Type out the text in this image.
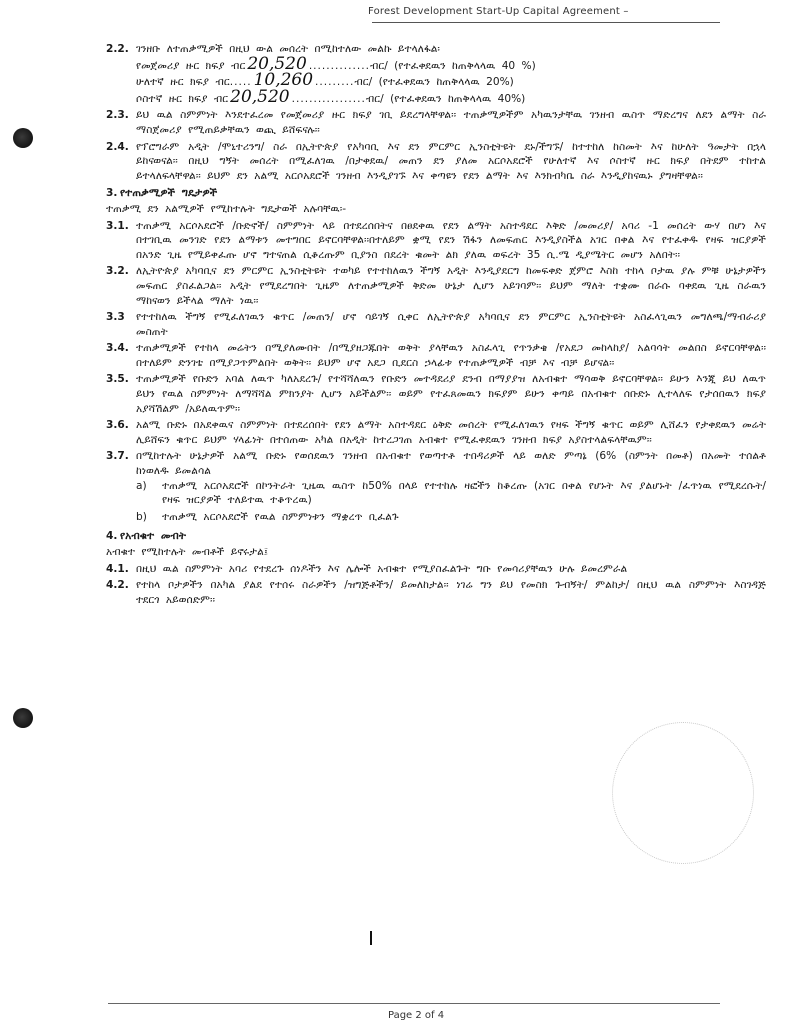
Forest Development Start-Up Capital Agreement –
2.2. ገንዘቡ ለተጠቃሚዎች በዚህ ውል መሰረት በሚከተለው መልኩ ይተላለፋል፡
የመጀመሪያ ዙር ክፍያ ብር 20,520 .............. ብር/ (የተፈቀደዉን ከጠቅላላዉ 40 %)
ሁለተኛ ዙር ክፍያ ብር ..... 10,260 ......... ብር/ (የተፈቀደዉን ከጠቅላላዉ 20%)
ሶስተኛ ዙር ክፍያ ብር 20,520 ................. ብር/ (የተፈቀደዉን ከጠቅላላዉ 40%)
2.3. ይህ ዉል ስምምነት እንደተፈረመ የመጀመሪያ ዙር ክፍያ ገቢ ይደረግላቸዋል፡፡ ተጠቃሚዎችም አካዉንታቸዉ ገንዘብ ዉስጥ ማድረግና ለደን ልማት ስራ ማስጀመሪያ የሚጠይቃቸዉን ወጪ ይሸፍናሉ፡፡
2.4. የፕሮግራም አዲት /ሞኒተሪንግ/ ስራ በኢትዮጵያ የአካባቢ እና ደን ምርምር ኢንስቲትዩት ደኑ/ችግኙ/ ከተተከለ ከስመት እና ከሁለት ዓመታት በኋላ ይከናወናል፡፡ በዚህ ግኝት መሰረት በሚፈለገዉ /በታቀደዉ/ መጠን ደን ያለመ አርሶአደሮች የሁለተኛ እና ሶስተኛ ዙር ክፍያ በትደም ተከተል ይተላለፍላቸዋል፡፡ ይህም ደን አልሚ አርሶአደሮች ገንዘብ እንዲያገኙ እና ቀጣዩን የደን ልማት እና እንክብካቤ ስራ እንዲያከናዉኑ ያግዛቸዋል፡፡
3. የተጠቃሚዎች ግዴታዎች
ተጠቃሚ ደን አልሚዎች የሚከተሉት ግዴታወች አሉባቸዉ፡-
3.1. ተጠቃሚ አርሶአደሮች /ቡድኖች/ ስምምነት ላይ በተደረሰበትና በፀደቀዉ የደን ልማት አስተዳደር እቅድ /መመሪያ/ አባሪ -1 መሰረት ውሃ በሆነ እና በተገቢዉ መንገድ የደን ልማቱን መተግበር ይኖርባቸዋል፡፡በተለይም ቋሚ የደን ሽፋን ለመፍጠር እንዲያስችል አገር በቀል እና የተፈቀዱ የዛፍ ዝርያዎች በአንድ ጊዜ የሚይቀፈጡ ሆኖ ግተናጠል ሲቆረጡም ቢያንስ በደረት ቁመት ልክ ያለዉ ወፍረት 35 ሲ.ሜ ዲያሜትር መሆን አለበት፡፡
3.2. ለኢትዮጵያ አካባቢና ደን ምርምር ኢንስቲትዩት ተወካይ የተተከለዉን ችግኝ አዲት እንዲያደርግ ከመፍቀድ ጀምሮ እስከ ተከላ ቦታዉ ያሉ ምቹ ሁኔታዎችን መፍጠር ያስፈልጋል፡፡ አዲት የሚደረግበት ጊዜም ለተጠቃሚዎች ቅድመ ሁኔታ ሊሆን አይገባም፡፡ ይህም ማለት ተቋሙ በራሱ ባቀደዉ ጊዜ ስራዉን ማከናወን ይችላል ማለት ነዉ፡፡
3.3	የተተከለዉ ችግኝ የሚፈለገዉን ቁጥር /መጠን/ ሆኖ ሳይገኝ ሲቀር ለኢትዮጵያ አካባቢና ደን ምርምር ኢንስቲትዩት አስፈላጊዉን መግለጫ/ማብራሪያ መስጠት
3.4. ተጠቃሚዎች የተከላ መሬትን በሚያለሙበት /በሚያዘጋጁበት ወቅት ያላቸዉን አስፈላጊ የጥንቃቄ /የአደጋ መከላከያ/ አልባሳት መልበስ ይኖርባቸዋል፡፡ በተለይም ድንገቴ በሚያጋጥምልበት ወቅት፡፡ ይህም ሆኖ አደጋ ቢደርስ ኃላፊቱ የተጠቃሚዎች ብቻ እና ብቻ ይሆናል፡፡
3.5. ተጠቃሚዎች የቡድን አባል ለዉጥ ካለአደረጉ/ የተሻሻለዉን የቡድን መተዳደሪያ ደንብ በማያያዝ ለአብቁተ ማሳወቅ ይኖርባቸዋል፡፡ ይሁን እንጂ ይህ ለዉጥ ይህን የዉል ስምምነት ለማሻሻል ምክንያት ሊሆን አይችልም፡፡ ወይም የተፈጸመዉን ክፍያም ይሁን ቀጣይ በአብቁተ ሰቡድኑ ሊተላለፍ የታሰበዉን ክፍያ አያሻሽልም /አይለዉጥም፡፡
3.6. አልሚ ቡድኑ በአደቀዉና ስምምነት በተደረሰበት የደን ልማት አስተዳደር ዕቅድ መሰረት የሚፈለገዉን የዛፍ ችግኝ ቁጥር ወይም ሊሸፈን የታቀደዉን መሬት ሊይሸፍን ቁጥር ይህም ሃላፊነት በተሰጠው አካል በአዲት ከተረጋገጠ አብቁተ የሚፈቀደዉን ገንዘብ ክፍያ አያስተላልፍላቸዉም፡፡
3.7. በሚከተሉት ሁኔታዎች አልሚ ቡድኑ የወሰደዉን ገንዘብ በአብቁተ የወጣተቶ ተበዳሪዎች ላይ ወለድ ምጣኔ (6% (ስምንት በመቶ) በአመት ተሰልቶ ከነወለዱ ይመልሳል
a)	ተጠቃሚ አርሶአደሮች በኮንትራት ጊዜዉ ዉስጥ ከ50% በላይ የተተከሉ ዛፎችን ከቆረጡ (አገር በቀል የሆኑት እና ያልሆኑት /ፈጥነዉ የሚደረሱት/ የዛፍ ዝርያዎች ተለይተዉ ተቆጥረዉ)
b)	ተጠቃሚ አርሶአደሮች የዉል ስምምነቱን ማቋረጥ ቢፈልጉ
4. የአብቁተ መብት
አብቁተ የሚከተሉት መብቶች ይኖሩታል፤
4.1. በዚህ ዉል ስምምነት አባሪ የተደረጉ ሰነዶችን እና ሌሎች አብቁተ የሚያስፈልጉት ግቡ የመሳሪያቸዉን ሁሉ ይመረምራል
4.2. የተከላ ቦታዎችን በአካል ያልደ የተሰሩ ስራዎችን /ዝግጅቶችን/ ይመለከታል፡፡ ነገሬ ግን ይህ የመስክ ጉብኝት/ ምልከታ/ በዚህ ዉል ስምምነት እስገዳጅ ተደርጎ አይወሰድም፡፡
Page 2 of 4
